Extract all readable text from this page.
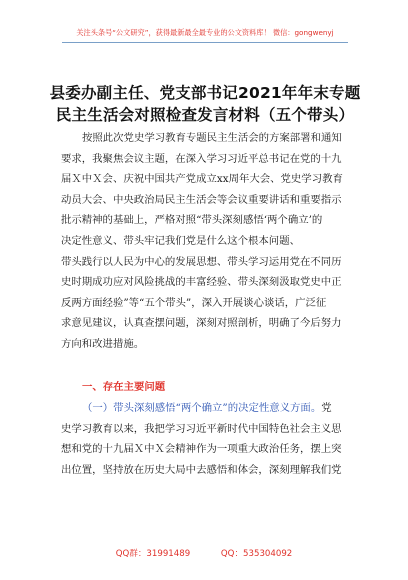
关注头条号“公文研究”，获得最新最全最专业的公文资料库！ 微信：gongwenyj
县委办副主任、党支部书记2021年年末专题
民主生活会对照检查发言材料（五个带头）
按照此次党史学习教育专题民主生活会的方案部署和通知
要求，我聚焦会议主题，在深入学习习近平总书记在党的十九
届Ｘ中Ｘ会、庆祝中国共产党成立xx周年大会、党史学习教育
动员大会、中央政治局民主生活会等会议重要讲话和重要指示
批示精神的基础上，严格对照“带头深刻感悟‘两个确立’的
决定性意义、带头牢记我们党是什么这个根本问题、
带头践行以人民为中心的发展思想、带头学习运用党在不同历
史时期成功应对风险挑战的丰富经验、带头深刻汲取党史中正
反两方面经验”等“五个带头”，深入开展谈心谈话，广泛征
求意见建议，认真查摆问题，深刻对照剖析，明确了今后努力
方向和改进措施。
一、存在主要问题
（一）带头深刻感悟“两个确立”的决定性意义方面。党
史学习教育以来，我把学习习近平新时代中国特色社会主义思
想和党的十九届Ｘ中Ｘ会精神作为一项重大政治任务，摆上突
出位置，坚持放在历史大局中去感悟和体会，深刻理解我们党
QQ群：31991489	QQ：535304092
